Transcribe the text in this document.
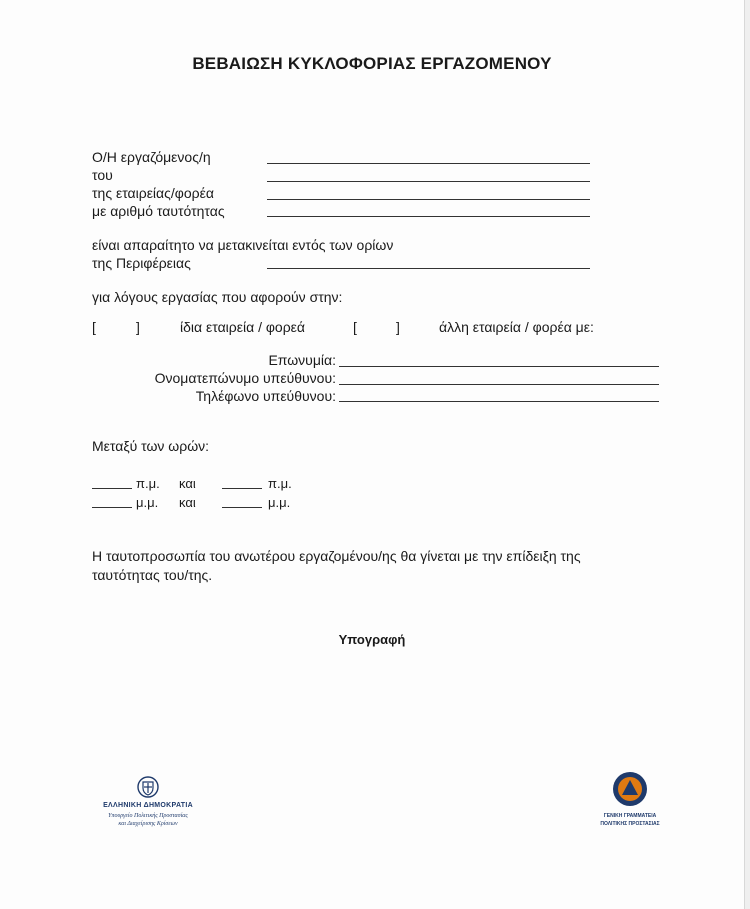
ΒΕΒΑΙΩΣΗ ΚΥΚΛΟΦΟΡΙΑΣ ΕΡΓΑΖΟΜΕΝΟΥ
Ο/Η εργαζόμενος/η
του
της εταιρείας/φορέα
με αριθμό ταυτότητας
είναι απαραίτητο να μετακινείται εντός των ορίων
της Περιφέρειας
για λόγους εργασίας που αφορούν στην:
[	]	ίδια εταιρεία / φορεά	[	]	άλλη εταιρεία / φορέα με:
Επωνυμία:
Ονοματεπώνυμο υπεύθυνου:
Τηλέφωνο υπεύθυνου:
Μεταξύ των ωρών:
π.μ. και	π.μ.
μ.μ. και	μ.μ.
Η ταυτοπροσωπία του ανωτέρου εργαζομένου/ης θα γίνεται με την επίδειξη της
ταυτότητας του/της.
Υπογραφή
ΕΛΛΗΝΙΚΗ ΔΗΜΟΚΡΑΤΙΑ
Υπουργείο Πολιτικής Προστασίας
και Διαχείρισης Κρίσεων
ΓΕΝΙΚΗ ΓΡΑΜΜΑΤΕΙΑ
ΠΟΛΙΤΙΚΗΣ ΠΡΟΣΤΑΣΙΑΣ
